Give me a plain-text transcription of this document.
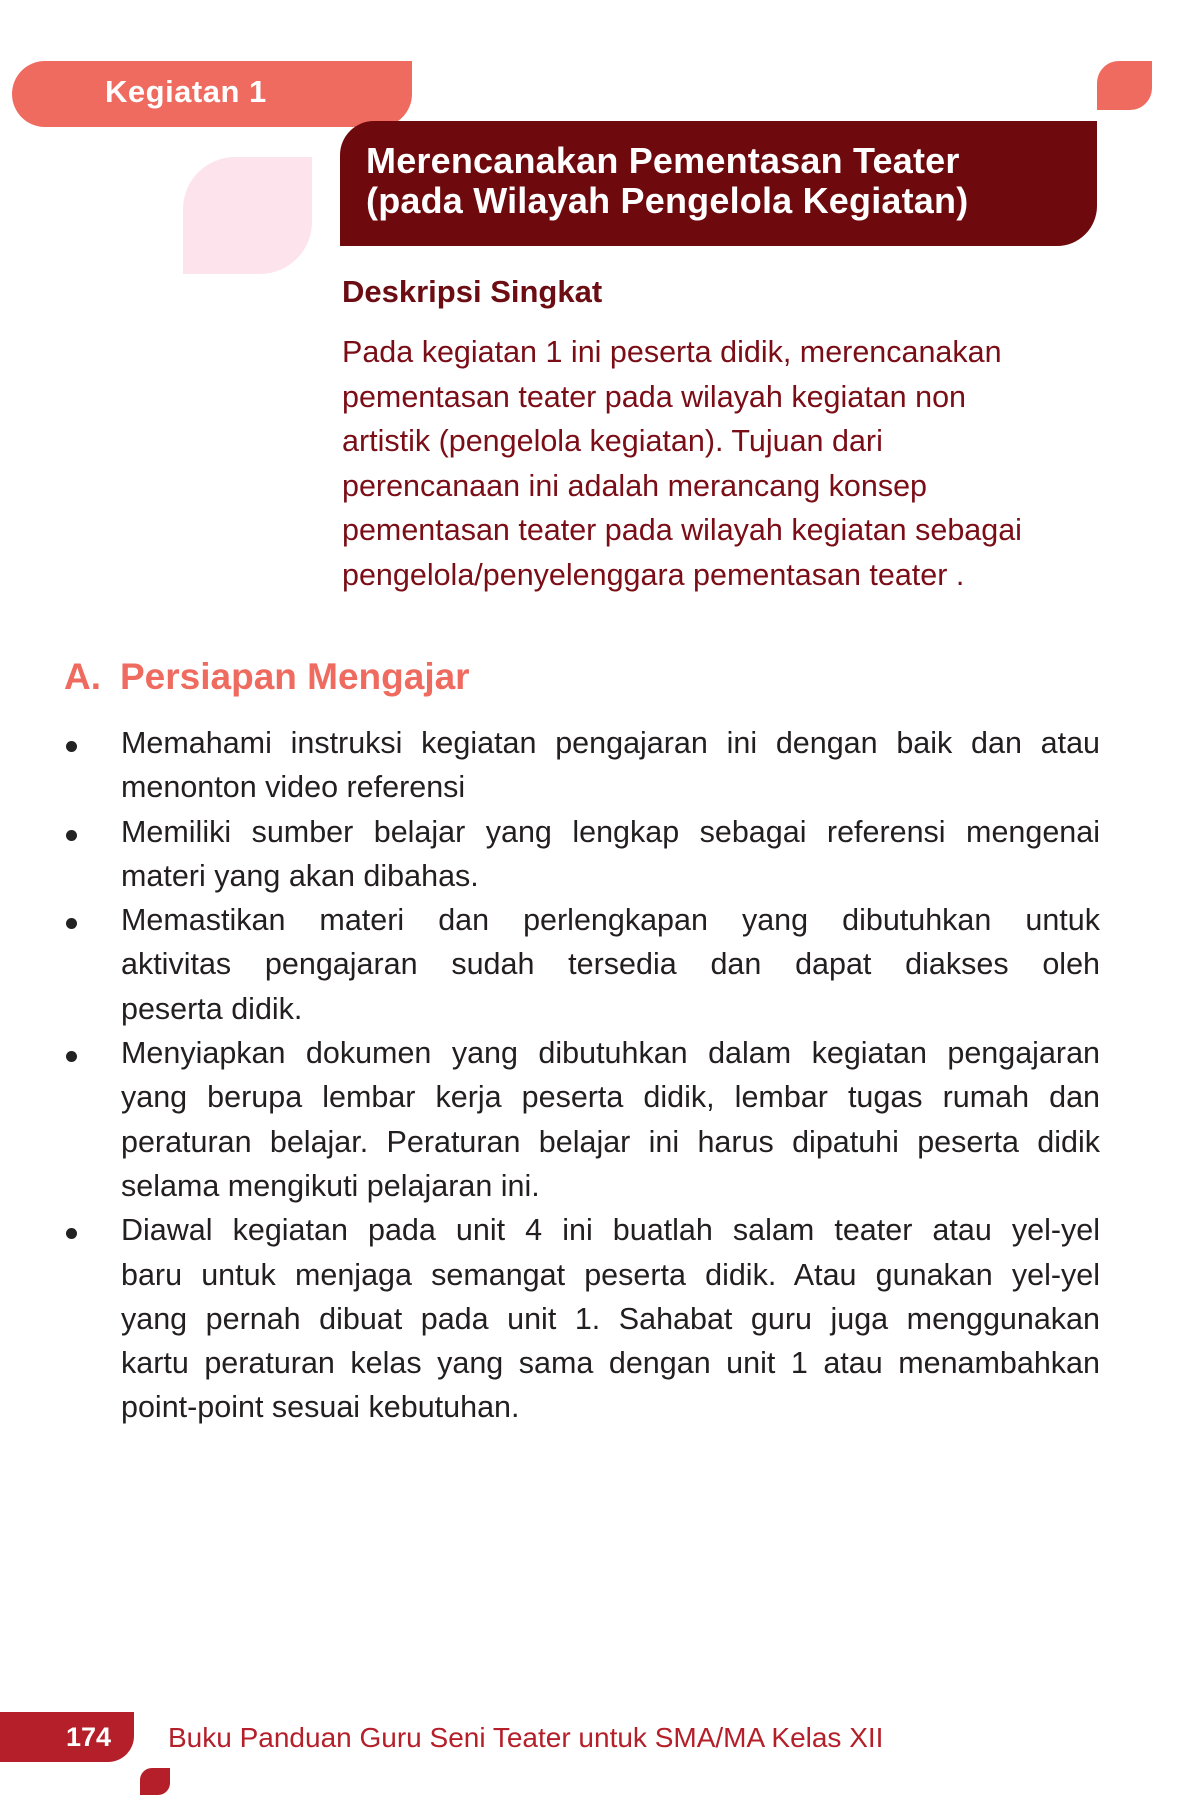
Kegiatan 1
Merencanakan Pementasan Teater
(pada Wilayah Pengelola Kegiatan)
Deskripsi Singkat
Pada kegiatan 1 ini peserta didik, merencanakan
pementasan teater pada wilayah kegiatan non
artistik (pengelola kegiatan). Tujuan dari
perencanaan ini adalah merancang konsep
pementasan teater pada wilayah kegiatan sebagai
pengelola/penyelenggara pementasan teater .
A. Persiapan Mengajar
Memahami instruksi kegiatan pengajaran ini dengan baik dan atau
menonton video referensi
Memiliki sumber belajar yang lengkap sebagai referensi mengenai
materi yang akan dibahas.
Memastikan materi dan perlengkapan yang dibutuhkan untuk
aktivitas pengajaran sudah tersedia dan dapat diakses oleh
peserta didik.
Menyiapkan dokumen yang dibutuhkan dalam kegiatan pengajaran
yang berupa lembar kerja peserta didik, lembar tugas rumah dan
peraturan belajar. Peraturan belajar ini harus dipatuhi peserta didik
selama mengikuti pelajaran ini.
Diawal kegiatan pada unit 4 ini buatlah salam teater atau yel-yel
baru untuk menjaga semangat peserta didik. Atau gunakan yel-yel
yang pernah dibuat pada unit 1. Sahabat guru juga menggunakan
kartu peraturan kelas yang sama dengan unit 1 atau menambahkan
point-point sesuai kebutuhan.
174 Buku Panduan Guru Seni Teater untuk SMA/MA Kelas XII
